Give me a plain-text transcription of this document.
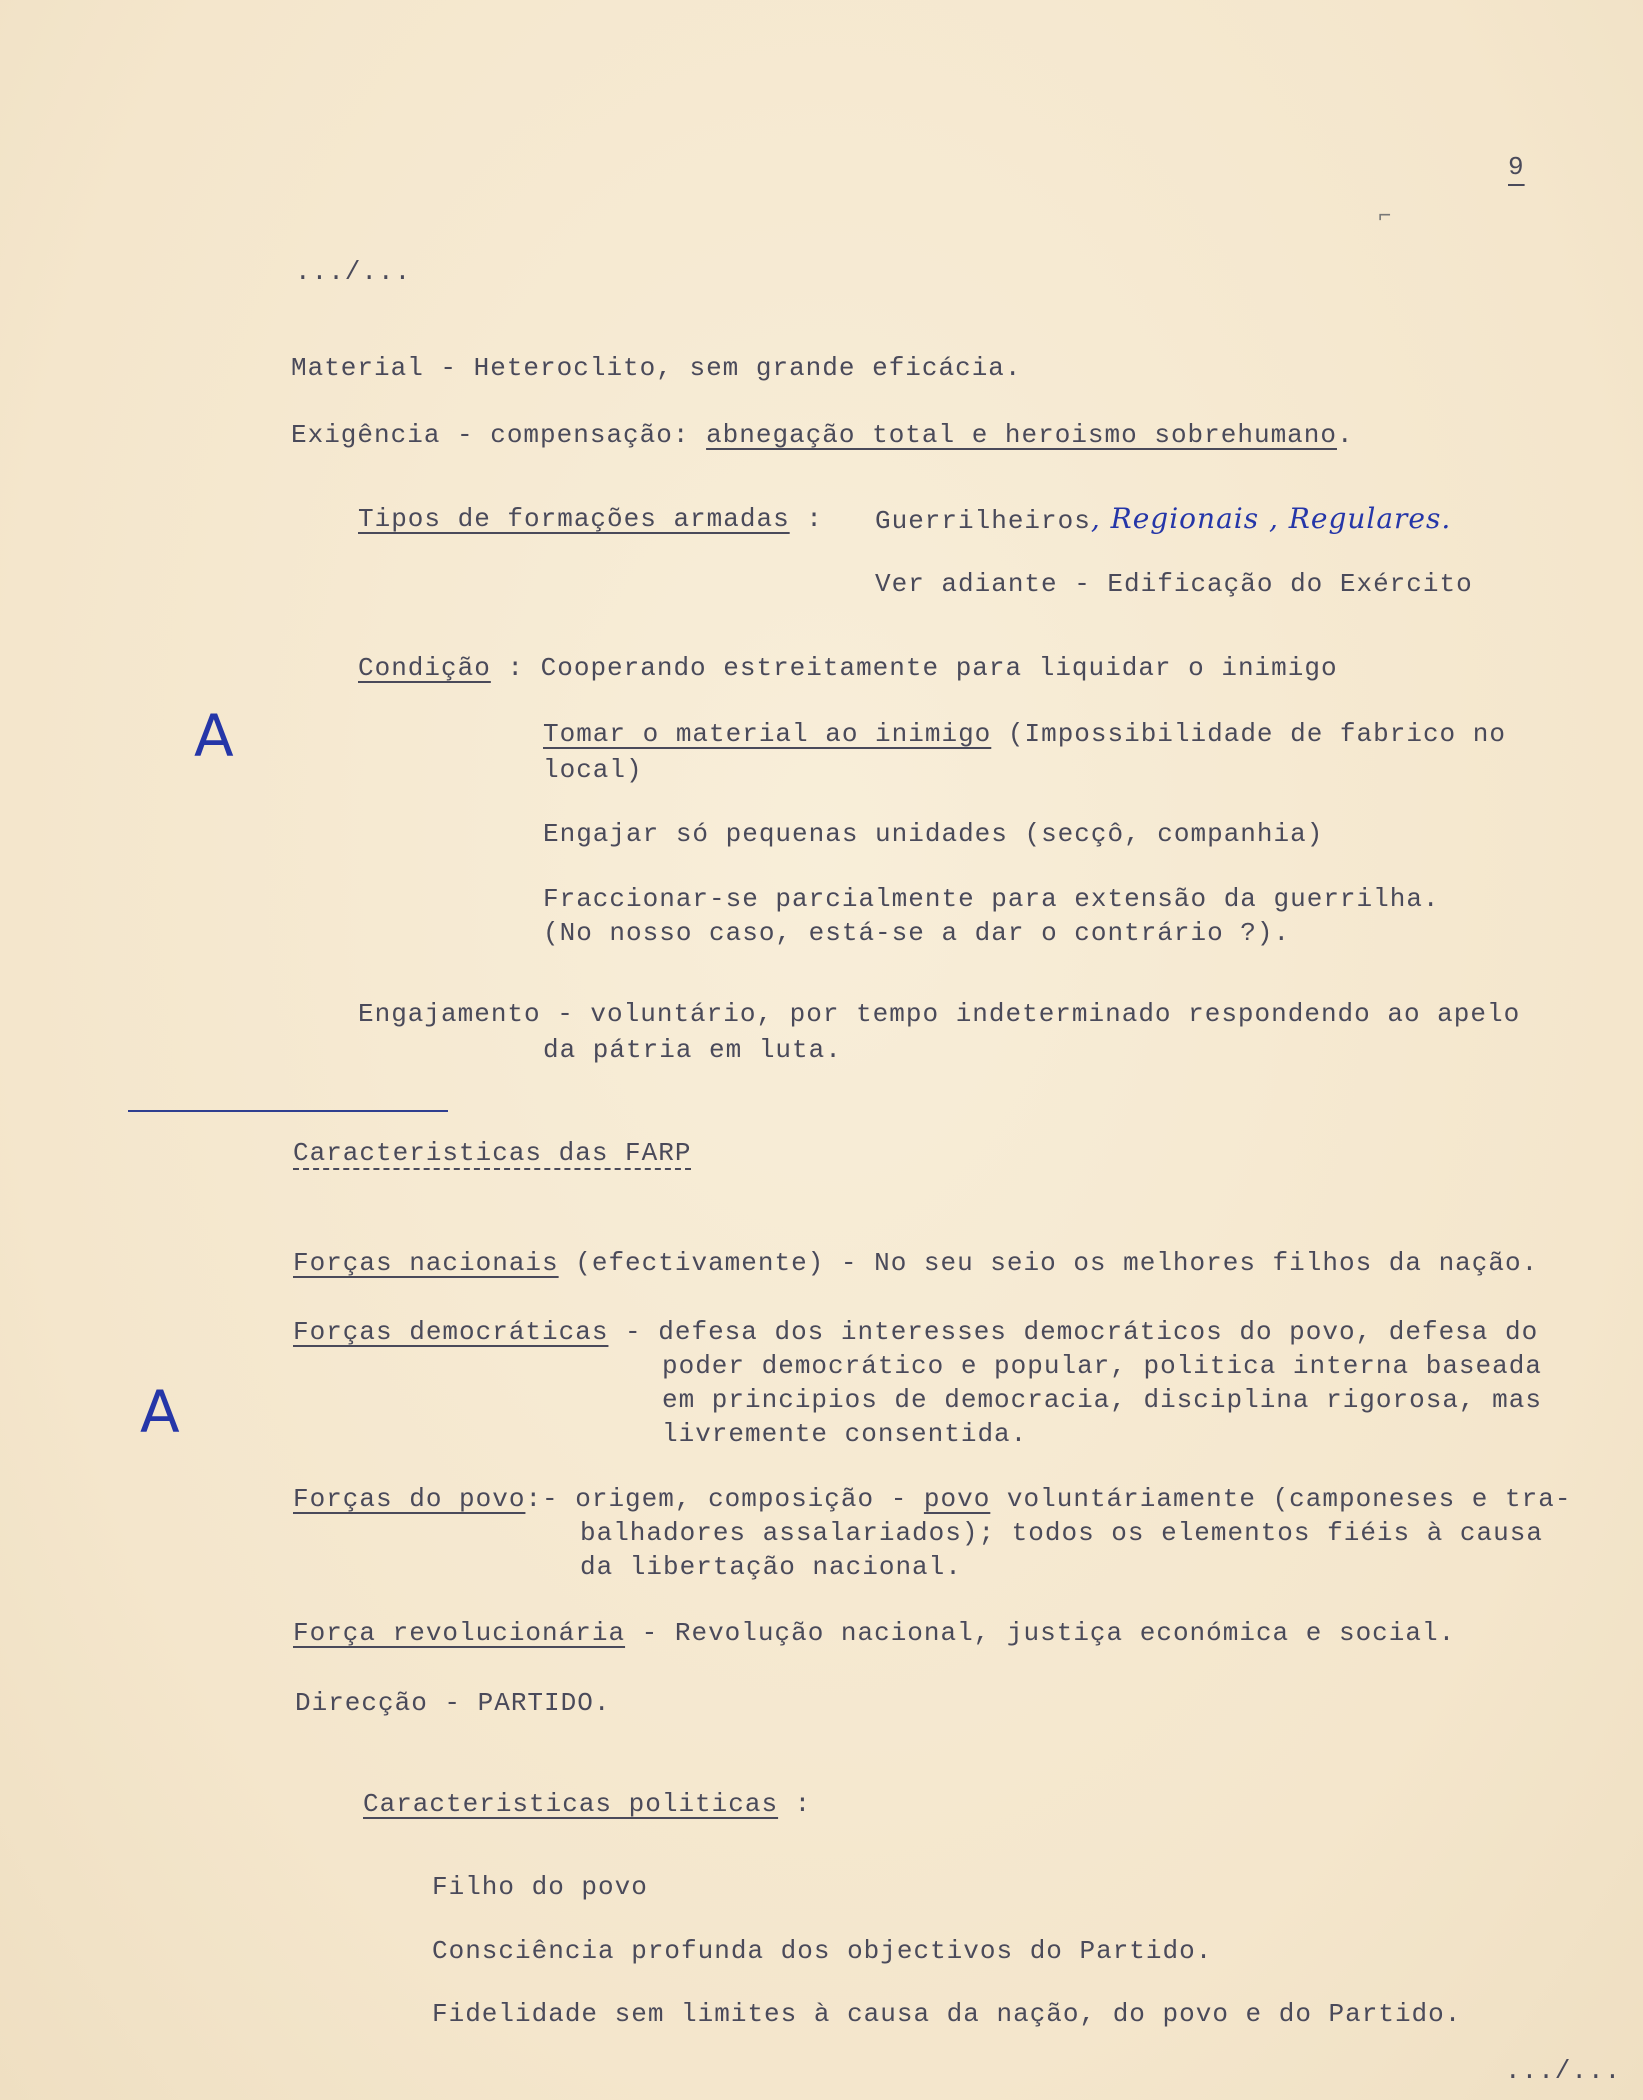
9
⌐
.../...
Material - Heteroclito, sem grande eficácia.
Exigência - compensação: abnegação total e heroismo sobrehumano.
Tipos de formações armadas : Guerrilheiros, Regionais , Regulares.
Ver adiante - Edificação do Exército
Condição : Cooperando estreitamente para liquidar o inimigo
A	Tomar o material ao inimigo (Impossibilidade de fabrico no
local)
Engajar só pequenas unidades (secçô, companhia)
Fraccionar-se parcialmente para extensão da guerrilha.
(No nosso caso, está-se a dar o contrário ?).
Engajamento - voluntário, por tempo indeterminado respondendo ao apelo
da pátria em luta.
Caracteristicas das FARP
Forças nacionais (efectivamente) - No seu seio os melhores filhos da nação.
Forças democráticas - defesa dos interesses democráticos do povo, defesa do
poder democrático e popular, politica interna baseada
em principios de democracia, disciplina rigorosa, mas
livremente consentida.
A
Forças do povo:- origem, composição - povo voluntáriamente (camponeses e tra-
balhadores assalariados); todos os elementos fiéis à causa
da libertação nacional.
Força revolucionária - Revolução nacional, justiça económica e social.
Direcção - PARTIDO.
Caracteristicas politicas :
Filho do povo
Consciência profunda dos objectivos do Partido.
Fidelidade sem limites à causa da nação, do povo e do Partido.
.../...
